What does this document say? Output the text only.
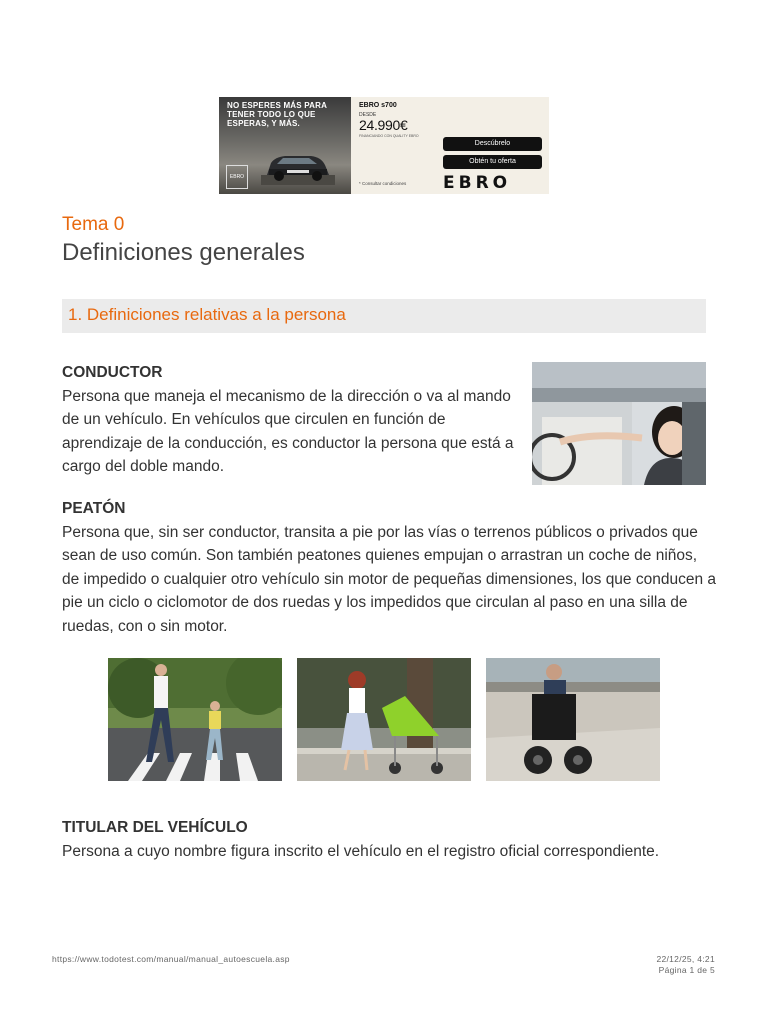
NO ESPERES MÁS PARA TENER TODO LO QUE ESPERAS, Y MÁS.
EBRO
EBRO s700
DESDE
24.990€
FINANCIANDO CON QUALITY EBRO
Descúbrelo
Obtén tu oferta
* Consultar condiciones EBRO
Tema 0
Definiciones generales
1. Definiciones relativas a la persona
CONDUCTOR
Persona que maneja el mecanismo de la dirección o va al mando de un vehículo. En vehículos que circulen en función de aprendizaje de la conducción, es conductor la persona que está a cargo del doble mando.
PEATÓN
Persona que, sin ser conductor, transita a pie por las vías o terrenos públicos o privados que sean de uso común. Son también peatones quienes empujan o arrastran un coche de niños, de impedido o cualquier otro vehículo sin motor de pequeñas dimensiones, los que conducen a pie un ciclo o ciclomotor de dos ruedas y los impedidos que circulan al paso en una silla de ruedas, con o sin motor.
TITULAR DEL VEHÍCULO
Persona a cuyo nombre figura inscrito el vehículo en el registro oficial correspondiente.
https://www.todotest.com/manual/manual_autoescuela.asp	22/12/25, 4:21
Página 1 de 5
